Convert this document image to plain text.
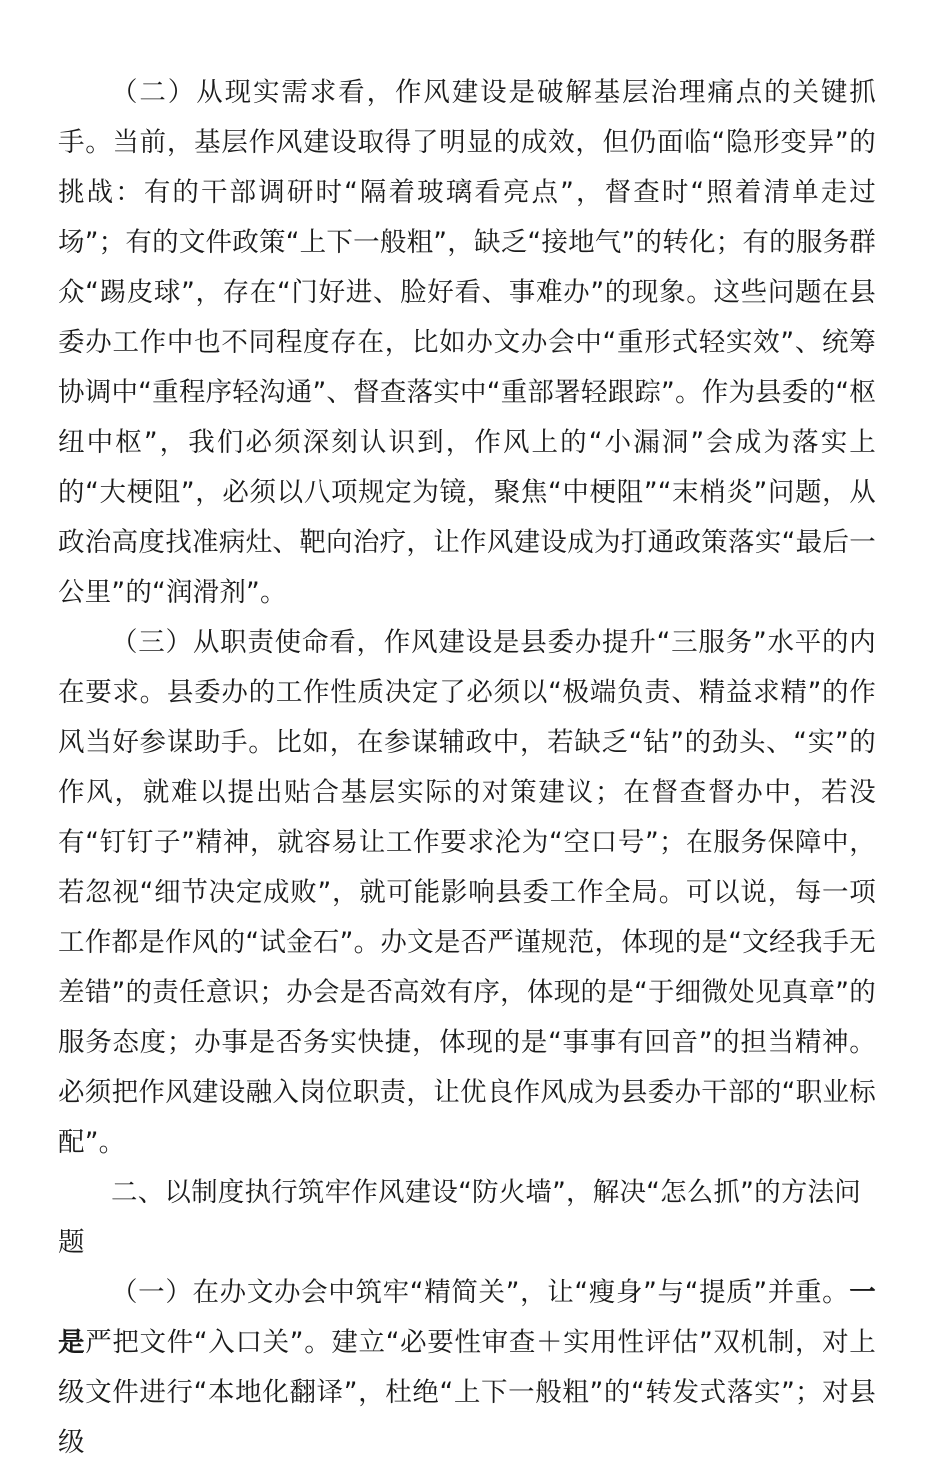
（二）从现实需求看，作风建设是破解基层治理痛点的关键抓手。当前，基层作风建设取得了明显的成效，但仍面临“隐形变异”的挑战：有的干部调研时“隔着玻璃看亮点”，督查时“照着清单走过场”；有的文件政策“上下一般粗”，缺乏“接地气”的转化；有的服务群众“踢皮球”，存在“门好进、脸好看、事难办”的现象。这些问题在县委办工作中也不同程度存在，比如办文办会中“重形式轻实效”、统筹协调中“重程序轻沟通”、督查落实中“重部署轻跟踪”。作为县委的“枢纽中枢”，我们必须深刻认识到，作风上的“小漏洞”会成为落实上的“大梗阻”，必须以八项规定为镜，聚焦“中梗阻”“末梢炎”问题，从政治高度找准病灶、靶向治疗，让作风建设成为打通政策落实“最后一公里”的“润滑剂”。

（三）从职责使命看，作风建设是县委办提升“三服务”水平的内在要求。县委办的工作性质决定了必须以“极端负责、精益求精”的作风当好参谋助手。比如，在参谋辅政中，若缺乏“钻”的劲头、“实”的作风，就难以提出贴合基层实际的对策建议；在督查督办中，若没有“钉钉子”精神，就容易让工作要求沦为“空口号”；在服务保障中，若忽视“细节决定成败”，就可能影响县委工作全局。可以说，每一项工作都是作风的“试金石”。办文是否严谨规范，体现的是“文经我手无差错”的责任意识；办会是否高效有序，体现的是“于细微处见真章”的服务态度；办事是否务实快捷，体现的是“事事有回音”的担当精神。必须把作风建设融入岗位职责，让优良作风成为县委办干部的“职业标配”。

二、以制度执行筑牢作风建设“防火墙”，解决“怎么抓”的方法问题

（一）在办文办会中筑牢“精简关”，让“瘦身”与“提质”并重。一是严把文件“入口关”。建立“必要性审查＋实用性评估”双机制，对上级文件进行“本地化翻译”，杜绝“上下一般粗”的“转发式落实”；对县级
